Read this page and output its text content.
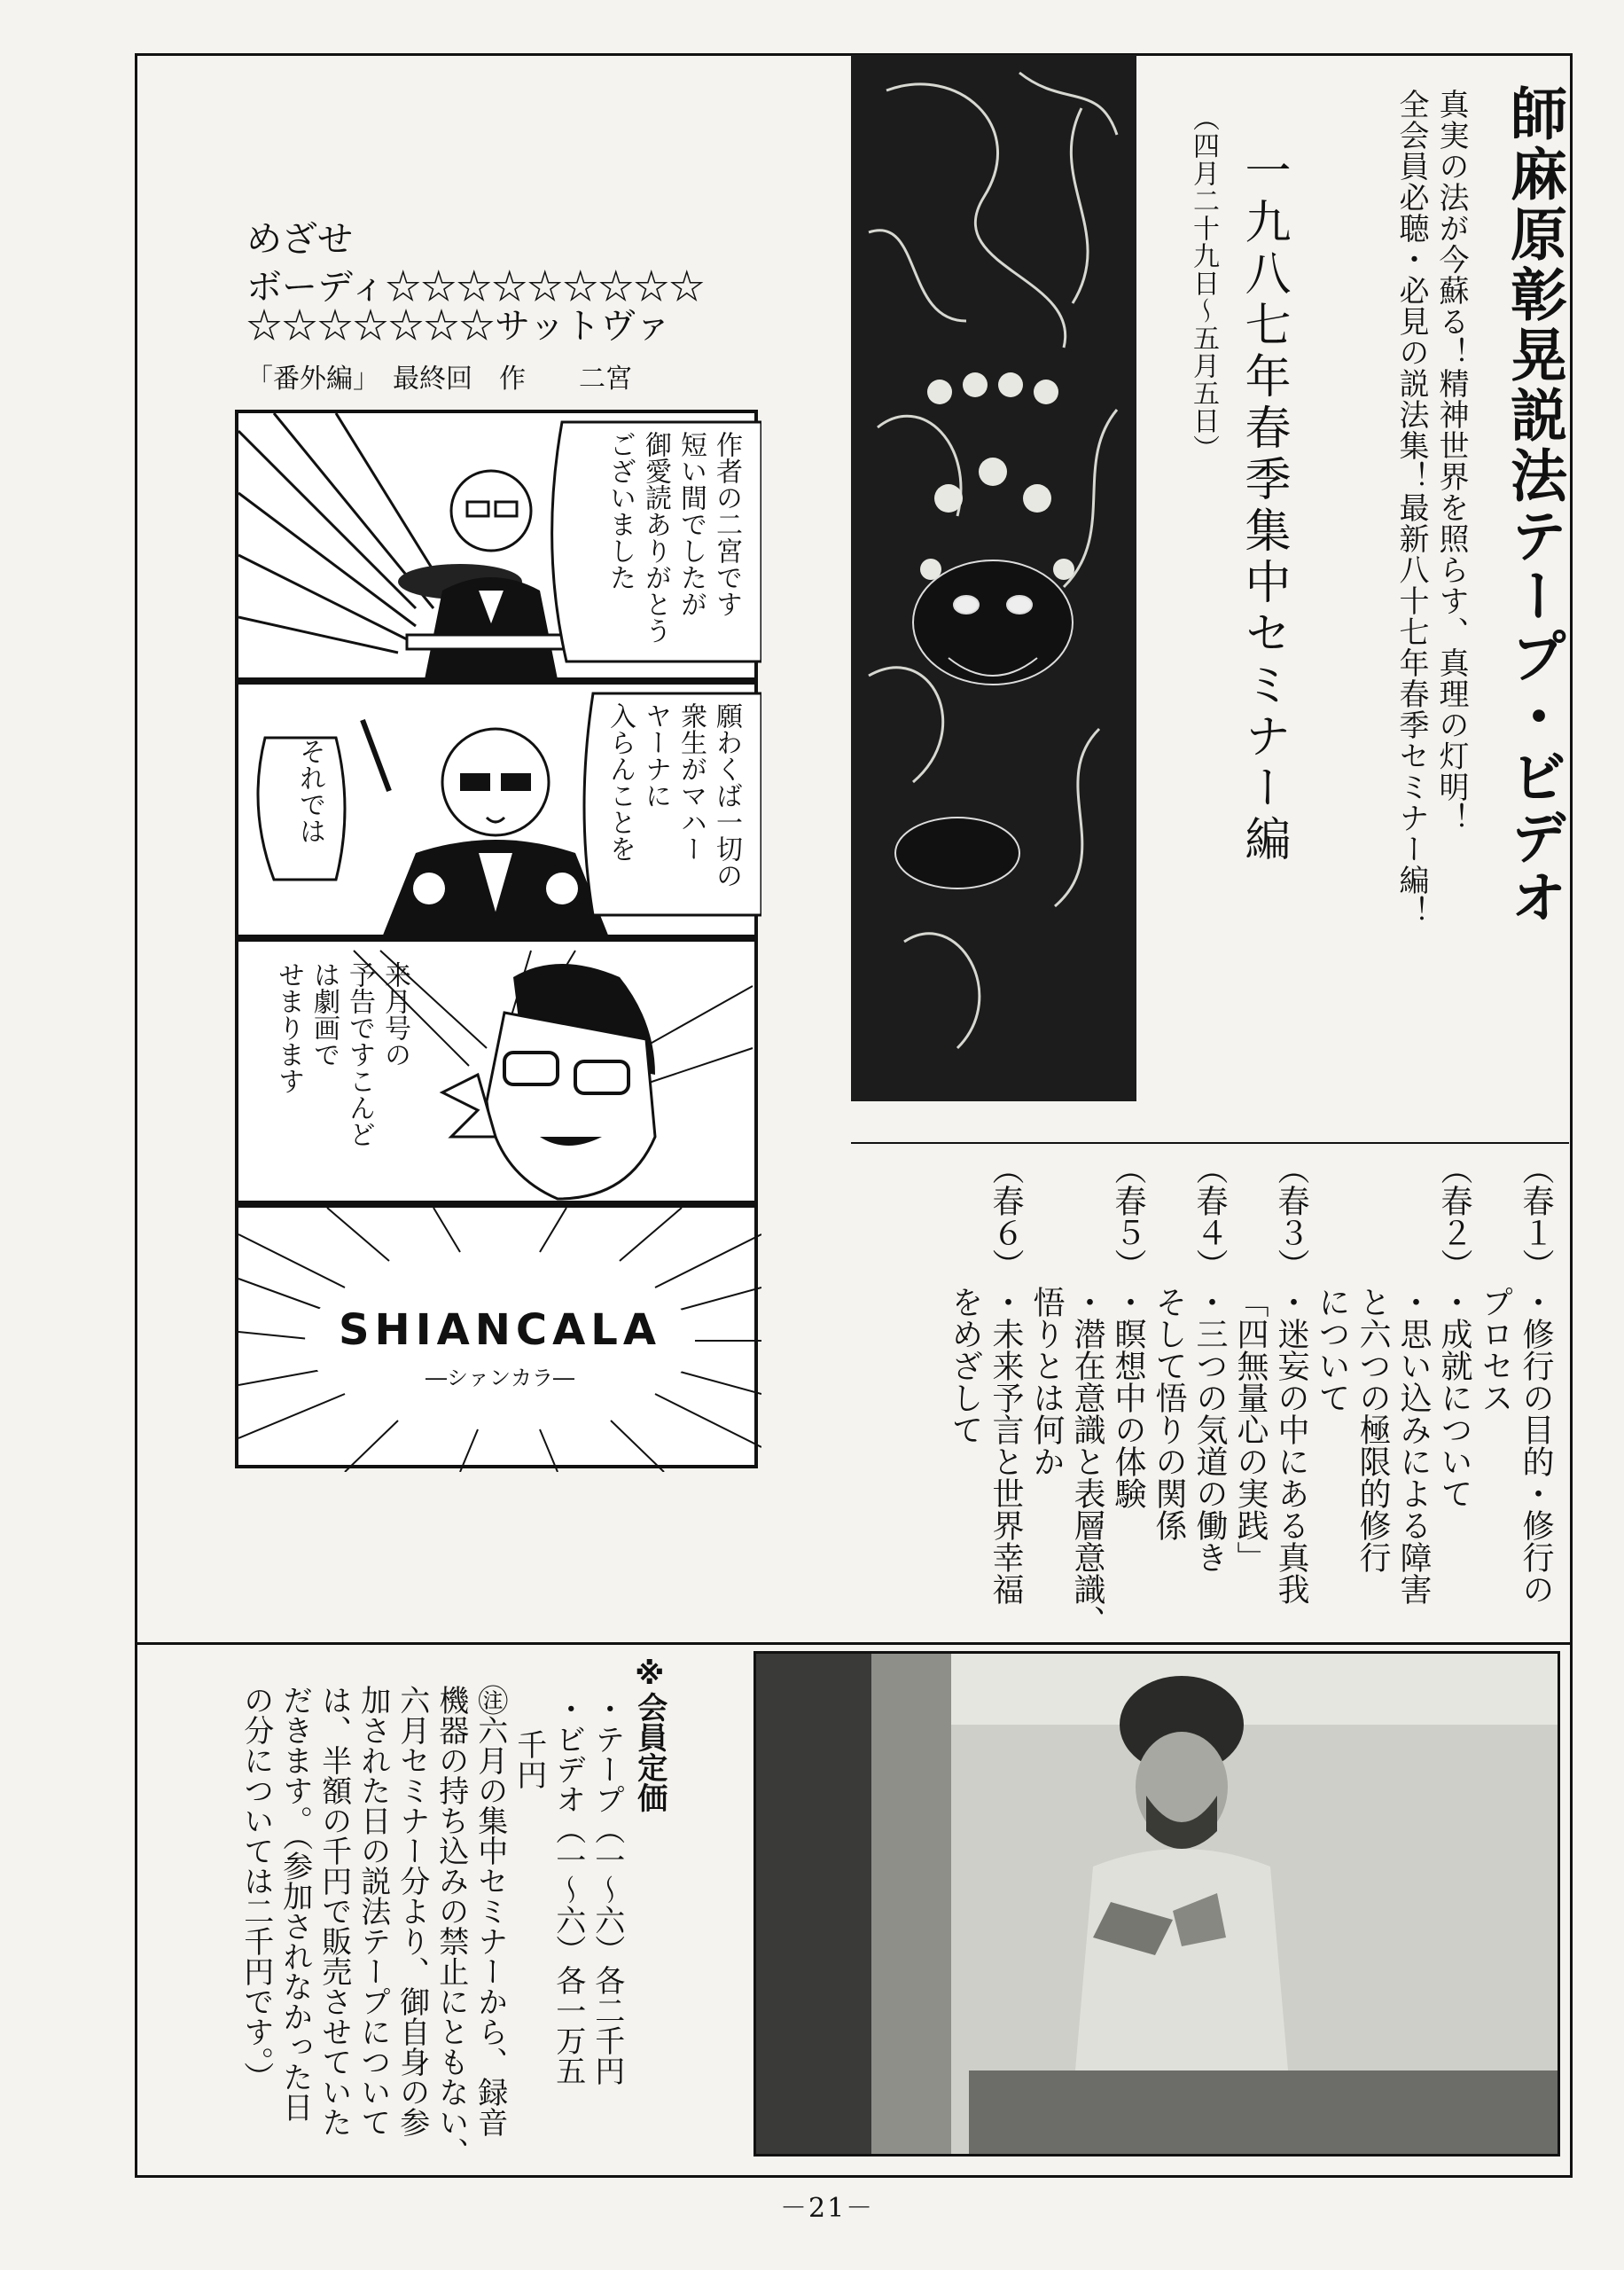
師麻原彰晃説法テープ・ビデオ
真実の法が今蘇る！精神世界を照らす、真理の灯明！
全会員必聴・必見の説法集！最新八十七年春季セミナー編！
一九八七年春季集中セミナー編
（四月二十九日〜五月五日）
（春１）
・修行の目的・修行の
プロセス
（春２）
・成就について
・思い込みによる障害
と六つの極限的修行
について
（春３）
・迷妄の中にある真我
「四無量心の実践」
（春４）
・三つの気道の働き
そして悟りの関係
（春５）
・瞑想中の体験
・潜在意識と表層意識、
悟りとは何か
（春６）
・未来予言と世界幸福
をめざして
めざせ
ボーディ☆☆☆☆☆☆☆☆☆
☆☆☆☆☆☆☆サットヴァ
「番外編」　最終回　作　　二宮
作者の二宮です
短い間でしたが
御愛読ありがとう
ございました
それでは	願わくば一切の
衆生がマハー
ヤーナに
入らんことを
来月号の
予告ですこんど
は劇画で
せまります
SHIANCALA
―シァンカラ―
※会員定価
・テープ（一〜六）各二千円
・ビデオ（一〜六）各一万五
千円
㊟六月の集中セミナーから、録音
機器の持ち込みの禁止にともない、
六月セミナー分より、御自身の参
加された日の説法テープについて
は、半額の千円で販売させていた
だきます。（参加されなかった日
の分については二千円です。）
－21－
